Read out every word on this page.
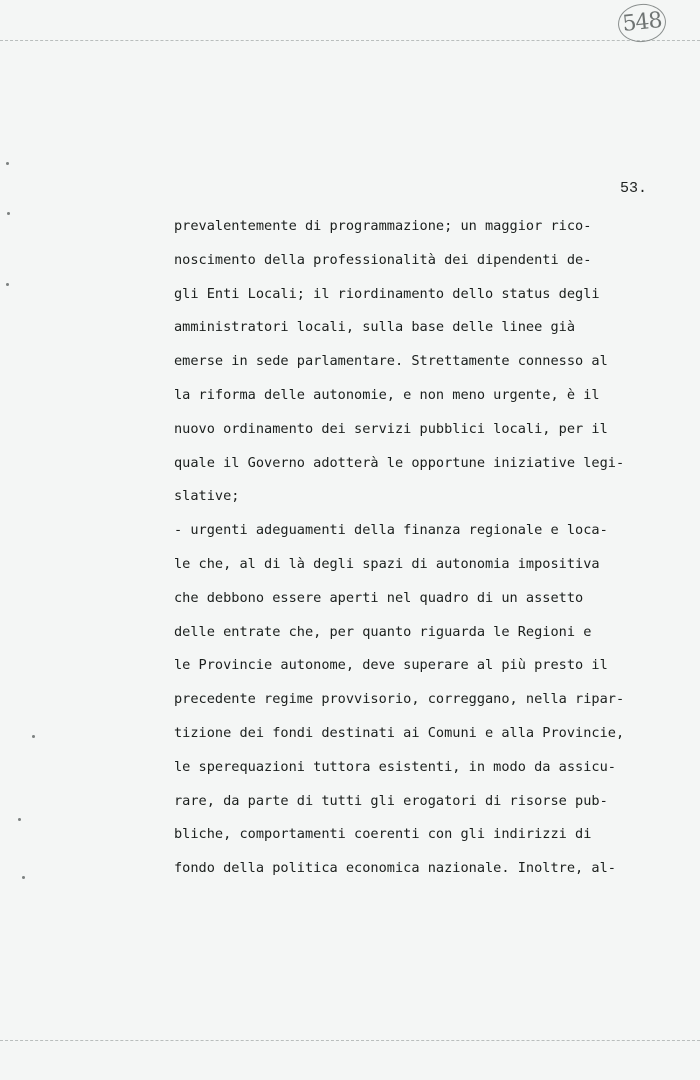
548
53.
prevalentemente di programmazione; un maggior rico-
noscimento della professionalità dei dipendenti de-
gli Enti Locali; il riordinamento dello status degli
amministratori locali, sulla base delle linee già
emerse in sede parlamentare. Strettamente connesso al
la riforma delle autonomie, e non meno urgente, è il
nuovo ordinamento dei servizi pubblici locali, per il
quale il Governo adotterà le opportune iniziative legi-
slative;
- urgenti adeguamenti della finanza regionale e loca-
le che, al di là degli spazi di autonomia impositiva
che debbono essere aperti nel quadro di un assetto
delle entrate che, per quanto riguarda le Regioni e
le Provincie autonome, deve superare al più presto il
precedente regime provvisorio, correggano, nella ripar-
tizione dei fondi destinati ai Comuni e alla Provincie,
le sperequazioni tuttora esistenti, in modo da assicu-
rare, da parte di tutti gli erogatori di risorse pub-
bliche, comportamenti coerenti con gli indirizzi di
fondo della politica economica nazionale. Inoltre, al-
